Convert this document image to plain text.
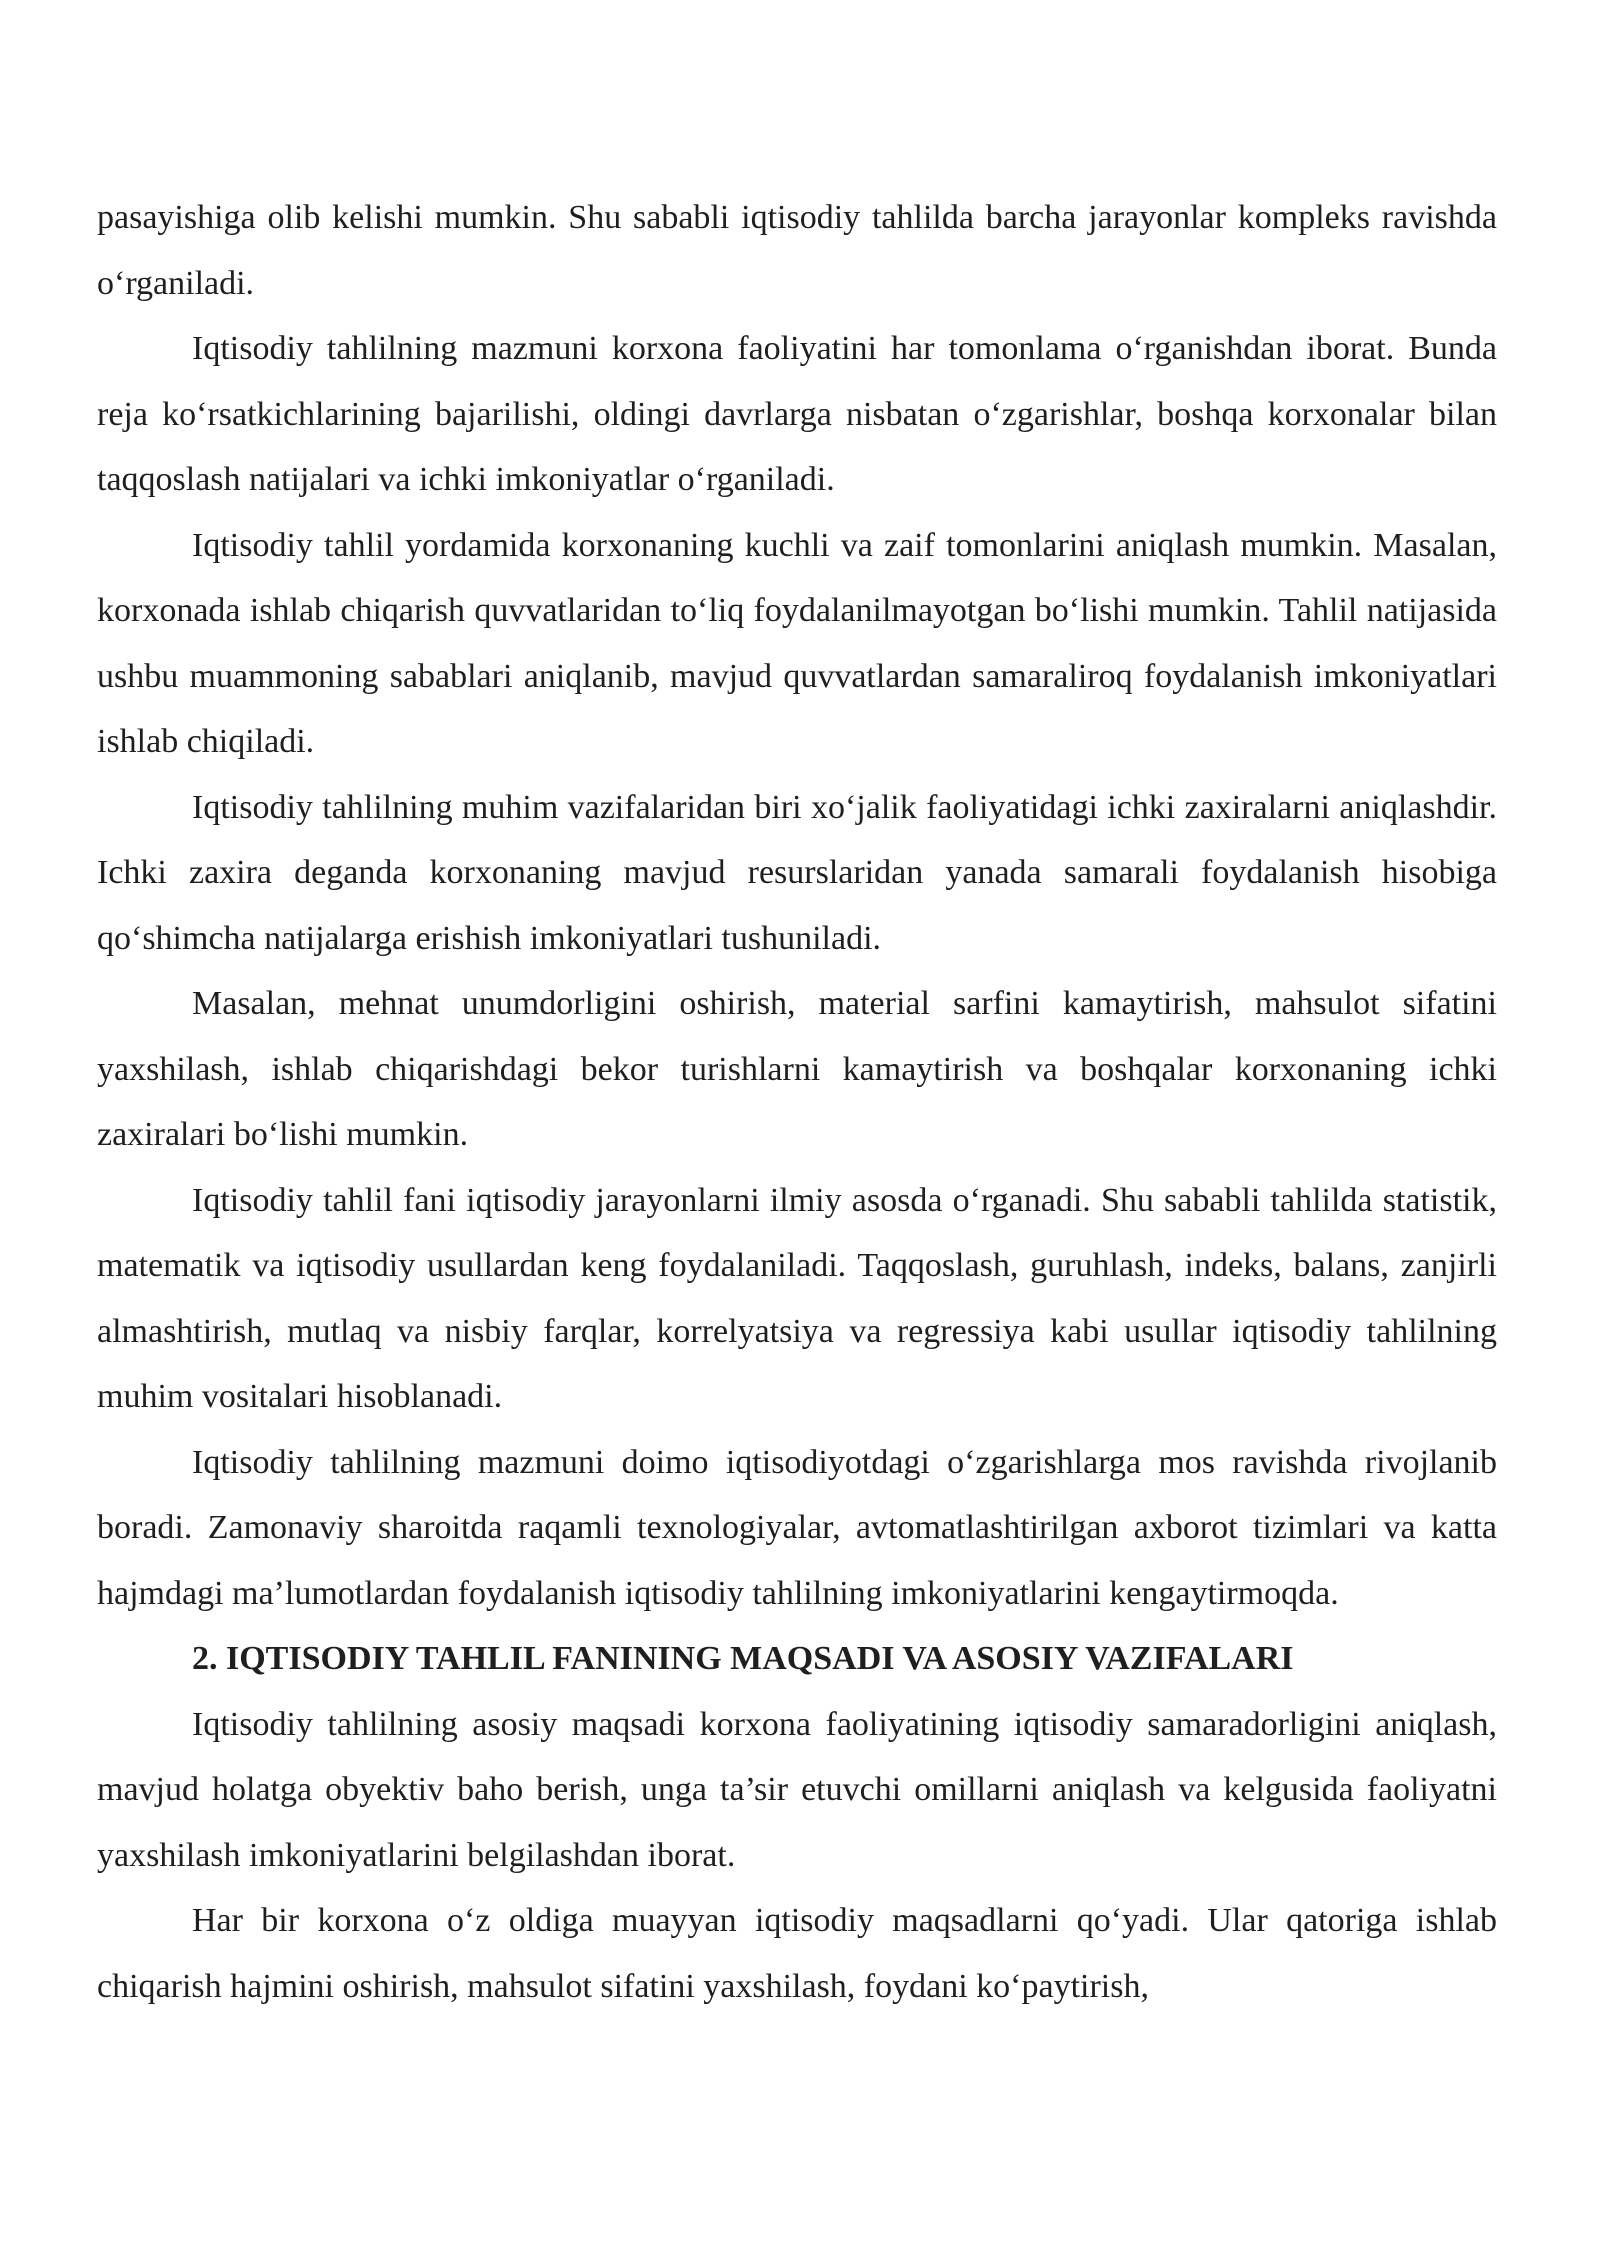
pasayishiga olib kelishi mumkin. Shu sababli iqtisodiy tahlilda barcha jarayonlar kompleks ravishda o‘rganiladi.

Iqtisodiy tahlilning mazmuni korxona faoliyatini har tomonlama o‘rganishdan iborat. Bunda reja ko‘rsatkichlarining bajarilishi, oldingi davrlarga nisbatan o‘zgarishlar, boshqa korxonalar bilan taqqoslash natijalari va ichki imkoniyatlar o‘rganiladi.

Iqtisodiy tahlil yordamida korxonaning kuchli va zaif tomonlarini aniqlash mumkin. Masalan, korxonada ishlab chiqarish quvvatlaridan to‘liq foydalanilmayotgan bo‘lishi mumkin. Tahlil natijasida ushbu muammoning sabablari aniqlanib, mavjud quvvatlardan samaraliroq foydalanish imkoniyatlari ishlab chiqiladi.

Iqtisodiy tahlilning muhim vazifalaridan biri xo‘jalik faoliyatidagi ichki zaxiralarni aniqlashdir. Ichki zaxira deganda korxonaning mavjud resurslaridan yanada samarali foydalanish hisobiga qo‘shimcha natijalarga erishish imkoniyatlari tushuniladi.

Masalan, mehnat unumdorligini oshirish, material sarfini kamaytirish, mahsulot sifatini yaxshilash, ishlab chiqarishdagi bekor turishlarni kamaytirish va boshqalar korxonaning ichki zaxiralari bo‘lishi mumkin.

Iqtisodiy tahlil fani iqtisodiy jarayonlarni ilmiy asosda o‘rganadi. Shu sababli tahlilda statistik, matematik va iqtisodiy usullardan keng foydalaniladi. Taqqoslash, guruhlash, indeks, balans, zanjirli almashtirish, mutlaq va nisbiy farqlar, korrelyatsiya va regressiya kabi usullar iqtisodiy tahlilning muhim vositalari hisoblanadi.

Iqtisodiy tahlilning mazmuni doimo iqtisodiyotdagi o‘zgarishlarga mos ravishda rivojlanib boradi. Zamonaviy sharoitda raqamli texnologiyalar, avtomatlashtirilgan axborot tizimlari va katta hajmdagi ma’lumotlardan foydalanish iqtisodiy tahlilning imkoniyatlarini kengaytirmoqda.

2. IQTISODIY TAHLIL FANINING MAQSADI VA ASOSIY VAZIFALARI

Iqtisodiy tahlilning asosiy maqsadi korxona faoliyatining iqtisodiy samaradorligini aniqlash, mavjud holatga obyektiv baho berish, unga ta’sir etuvchi omillarni aniqlash va kelgusida faoliyatni yaxshilash imkoniyatlarini belgilashdan iborat.

Har bir korxona o‘z oldiga muayyan iqtisodiy maqsadlarni qo‘yadi. Ular qatoriga ishlab chiqarish hajmini oshirish, mahsulot sifatini yaxshilash, foydani ko‘paytirish,
